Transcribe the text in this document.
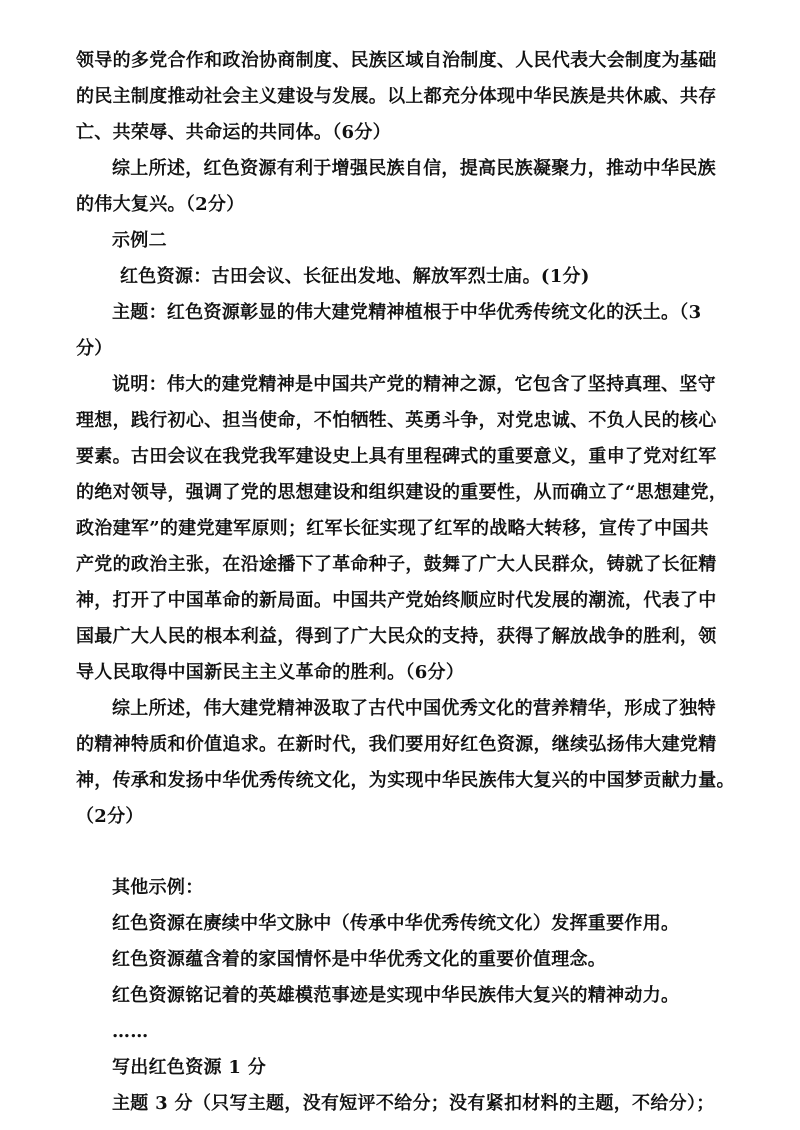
领导的多党合作和政治协商制度、民族区域自治制度、人民代表大会制度为基础

的民主制度推动社会主义建设与发展。以上都充分体现中华民族是共休戚、共存

亡、共荣辱、共命运的共同体。（6分）

综上所述，红色资源有利于增强民族自信，提高民族凝聚力，推动中华民族

的伟大复兴。（2分）

示例二

红色资源：古田会议、长征出发地、解放军烈士庙。(1分)

主题：红色资源彰显的伟大建党精神植根于中华优秀传统文化的沃土。（3

分）

说明：伟大的建党精神是中国共产党的精神之源，它包含了坚持真理、坚守

理想，践行初心、担当使命，不怕牺牲、英勇斗争，对党忠诚、不负人民的核心

要素。古田会议在我党我军建设史上具有里程碑式的重要意义，重申了党对红军

的绝对领导，强调了党的思想建设和组织建设的重要性，从而确立了“思想建党，

政治建军”的建党建军原则；红军长征实现了红军的战略大转移，宣传了中国共

产党的政治主张，在沿途播下了革命种子，鼓舞了广大人民群众，铸就了长征精

神，打开了中国革命的新局面。中国共产党始终顺应时代发展的潮流，代表了中

国最广大人民的根本利益，得到了广大民众的支持，获得了解放战争的胜利，领

导人民取得中国新民主主义革命的胜利。（6分）

综上所述，伟大建党精神汲取了古代中国优秀文化的营养精华，形成了独特

的精神特质和价值追求。在新时代，我们要用好红色资源，继续弘扬伟大建党精

神，传承和发扬中华优秀传统文化，为实现中华民族伟大复兴的中国梦贡献力量。

（2分）

其他示例：

红色资源在赓续中华文脉中（传承中华优秀传统文化）发挥重要作用。

红色资源蕴含着的家国情怀是中华优秀文化的重要价值理念。

红色资源铭记着的英雄模范事迹是实现中华民族伟大复兴的精神动力。

……

写出红色资源 1 分

主题 3 分（只写主题，没有短评不给分；没有紧扣材料的主题，不给分）；
